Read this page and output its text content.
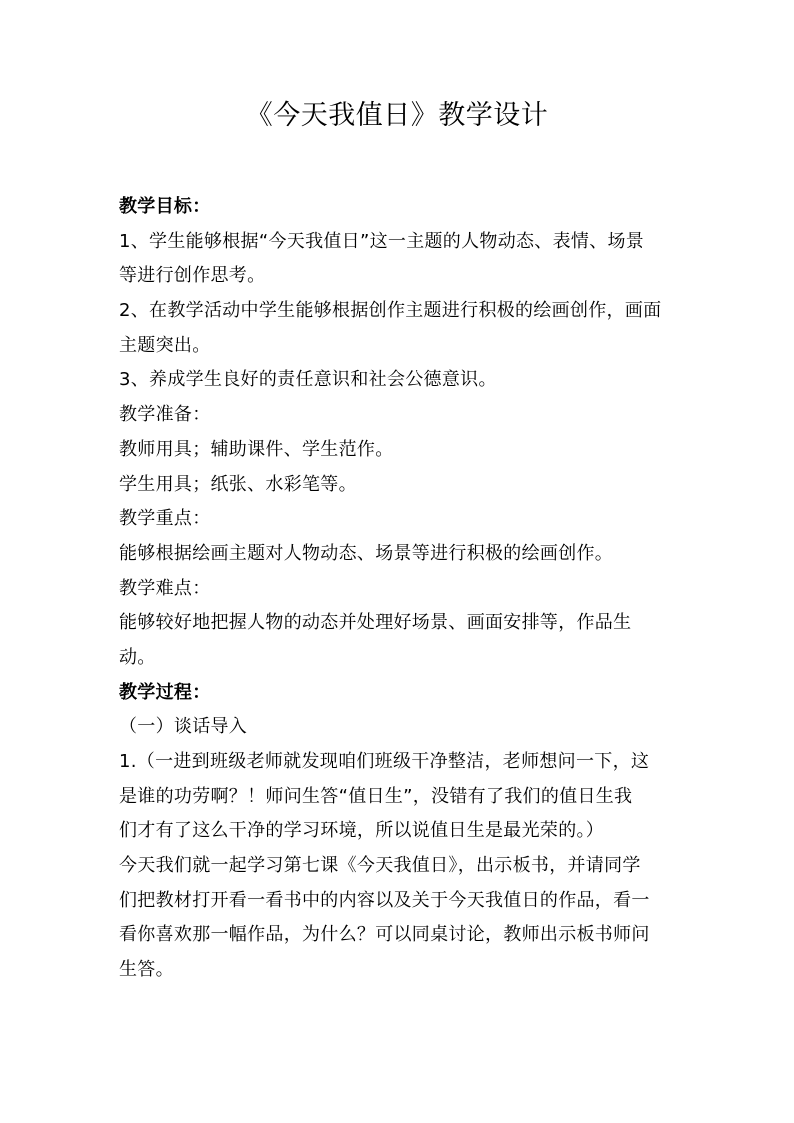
《今天我值日》教学设计
教学目标：
1、学生能够根据“今天我值日”这一主题的人物动态、表情、场景
等进行创作思考。
2、在教学活动中学生能够根据创作主题进行积极的绘画创作，画面
主题突出。
3、养成学生良好的责任意识和社会公德意识。
教学准备：
教师用具；辅助课件、学生范作。
学生用具；纸张、水彩笔等。
教学重点：
能够根据绘画主题对人物动态、场景等进行积极的绘画创作。
教学难点：
能够较好地把握人物的动态并处理好场景、画面安排等，作品生
动。
教学过程：
（一）谈话导入
1.（一进到班级老师就发现咱们班级干净整洁，老师想问一下，这
是谁的功劳啊？！师问生答“值日生”，没错有了我们的值日生我
们才有了这么干净的学习环境，所以说值日生是最光荣的。）
今天我们就一起学习第七课《今天我值日》，出示板书，并请同学
们把教材打开看一看书中的内容以及关于今天我值日的作品，看一
看你喜欢那一幅作品，为什么？可以同桌讨论，教师出示板书师问
生答。
